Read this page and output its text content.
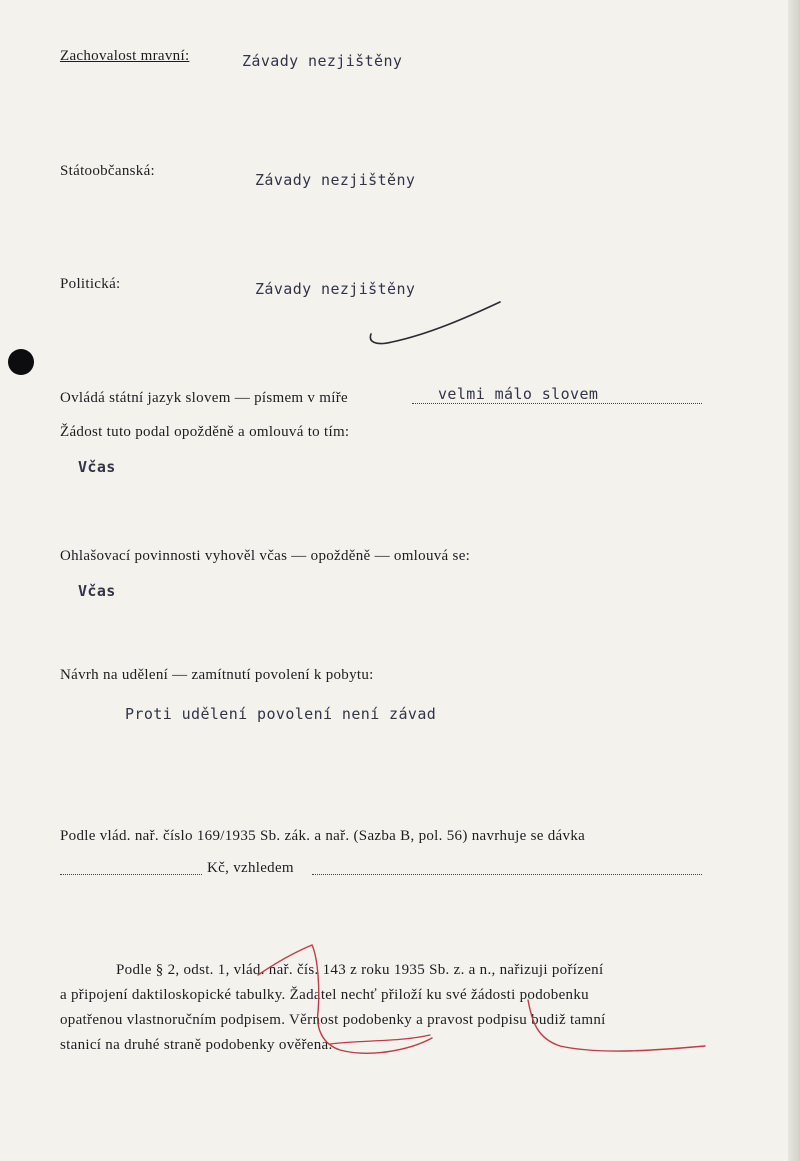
Zachovalost mravní:	Závady nezjištěny
Státoobčanská:	Závady nezjištěny
Politická:	Závady nezjištěny
Ovládá státní jazyk slovem — písmem v míře	velmi málo slovem
Žádost tuto podal opožděně a omlouvá to tím:
Včas
Ohlašovací povinnosti vyhověl včas — opožděně — omlouvá se:
Včas
Návrh na udělení — zamítnutí povolení k pobytu:
Proti udělení povolení není závad
Podle vlád. nař. číslo 169/1935 Sb. zák. a nař. (Sazba B, pol. 56) navrhuje se dávka
Kč, vzhledem
Podle § 2, odst. 1, vlád. nař. čís. 143 z roku 1935 Sb. z. a n., nařizuji pořízení
a připojení daktiloskopické tabulky. Žadatel nechť přiloží ku své žádosti podobenku
opatřenou vlastnoručním podpisem. Věrnost podobenky a pravost podpisu budiž tamní
stanicí na druhé straně podobenky ověřena.
